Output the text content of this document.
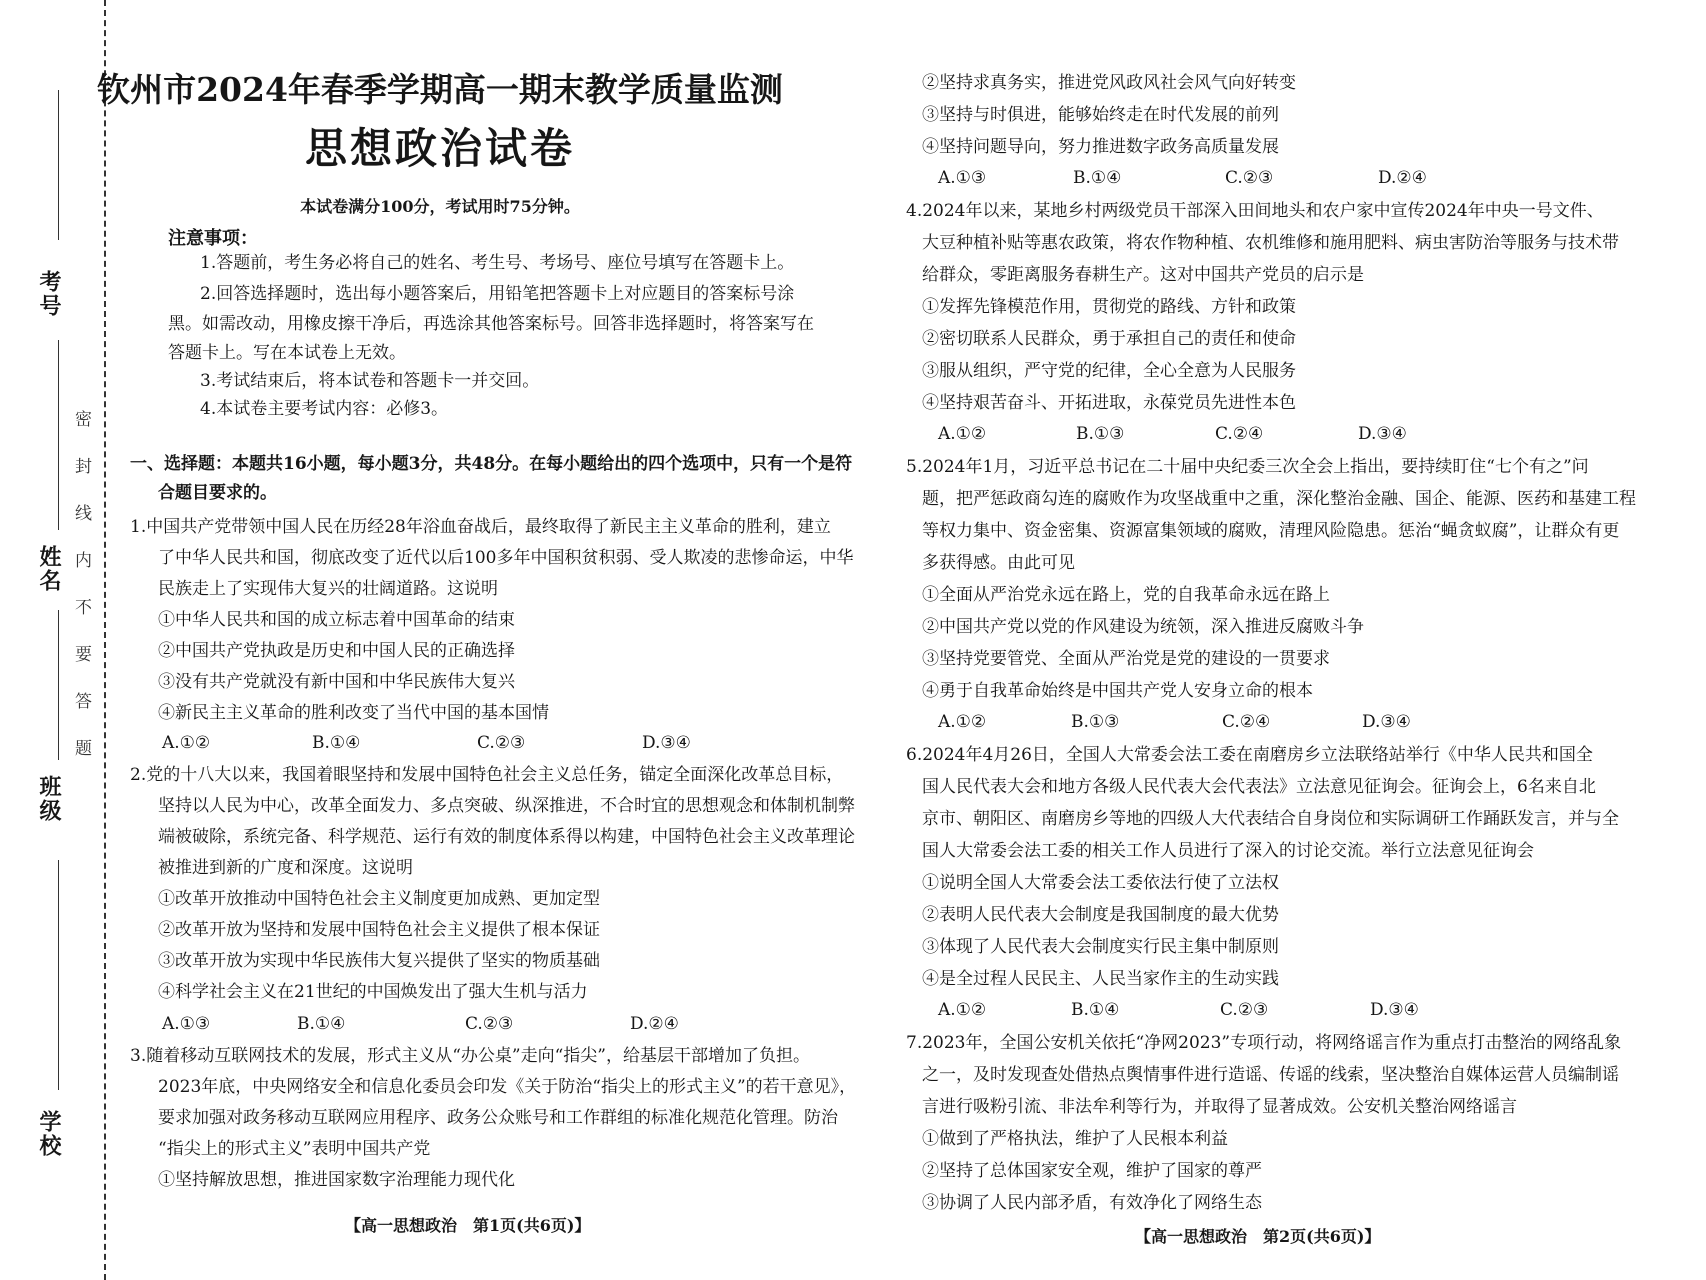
考号
姓名
班级
学校
密封线内不要答题
钦州市2024年春季学期高一期末教学质量监测
思想政治试卷
本试卷满分100分，考试用时75分钟。
注意事项：
1.答题前，考生务必将自己的姓名、考生号、考场号、座位号填写在答题卡上。
2.回答选择题时，选出每小题答案后，用铅笔把答题卡上对应题目的答案标号涂
黑。如需改动，用橡皮擦干净后，再选涂其他答案标号。回答非选择题时，将答案写在
答题卡上。写在本试卷上无效。
3.考试结束后，将本试卷和答题卡一并交回。
4.本试卷主要考试内容：必修3。
一、选择题：本题共16小题，每小题3分，共48分。在每小题给出的四个选项中，只有一个是符
合题目要求的。
1.中国共产党带领中国人民在历经28年浴血奋战后，最终取得了新民主主义革命的胜利，建立
了中华人民共和国，彻底改变了近代以后100多年中国积贫积弱、受人欺凌的悲惨命运，中华
民族走上了实现伟大复兴的壮阔道路。这说明
①中华人民共和国的成立标志着中国革命的结束
②中国共产党执政是历史和中国人民的正确选择
③没有共产党就没有新中国和中华民族伟大复兴
④新民主主义革命的胜利改变了当代中国的基本国情
A.①②	B.①④	C.②③	D.③④
2.党的十八大以来，我国着眼坚持和发展中国特色社会主义总任务，锚定全面深化改革总目标，
坚持以人民为中心，改革全面发力、多点突破、纵深推进，不合时宜的思想观念和体制机制弊
端被破除，系统完备、科学规范、运行有效的制度体系得以构建，中国特色社会主义改革理论
被推进到新的广度和深度。这说明
①改革开放推动中国特色社会主义制度更加成熟、更加定型
②改革开放为坚持和发展中国特色社会主义提供了根本保证
③改革开放为实现中华民族伟大复兴提供了坚实的物质基础
④科学社会主义在21世纪的中国焕发出了强大生机与活力
A.①③	B.①④	C.②③	D.②④
3.随着移动互联网技术的发展，形式主义从“办公桌”走向“指尖”，给基层干部增加了负担。
2023年底，中央网络安全和信息化委员会印发《关于防治“指尖上的形式主义”的若干意见》，
要求加强对政务移动互联网应用程序、政务公众账号和工作群组的标准化规范化管理。防治
“指尖上的形式主义”表明中国共产党
①坚持解放思想，推进国家数字治理能力现代化
【高一思想政治　第1页(共6页)】
②坚持求真务实，推进党风政风社会风气向好转变
③坚持与时俱进，能够始终走在时代发展的前列
④坚持问题导向，努力推进数字政务高质量发展
A.①③	B.①④	C.②③	D.②④
4.2024年以来，某地乡村两级党员干部深入田间地头和农户家中宣传2024年中央一号文件、
大豆种植补贴等惠农政策，将农作物种植、农机维修和施用肥料、病虫害防治等服务与技术带
给群众，零距离服务春耕生产。这对中国共产党员的启示是
①发挥先锋模范作用，贯彻党的路线、方针和政策
②密切联系人民群众，勇于承担自己的责任和使命
③服从组织，严守党的纪律，全心全意为人民服务
④坚持艰苦奋斗、开拓进取，永葆党员先进性本色
A.①②	B.①③	C.②④	D.③④
5.2024年1月，习近平总书记在二十届中央纪委三次全会上指出，要持续盯住“七个有之”问
题，把严惩政商勾连的腐败作为攻坚战重中之重，深化整治金融、国企、能源、医药和基建工程
等权力集中、资金密集、资源富集领域的腐败，清理风险隐患。惩治“蝇贪蚁腐”，让群众有更
多获得感。由此可见
①全面从严治党永远在路上，党的自我革命永远在路上
②中国共产党以党的作风建设为统领，深入推进反腐败斗争
③坚持党要管党、全面从严治党是党的建设的一贯要求
④勇于自我革命始终是中国共产党人安身立命的根本
A.①②	B.①③	C.②④	D.③④
6.2024年4月26日，全国人大常委会法工委在南磨房乡立法联络站举行《中华人民共和国全
国人民代表大会和地方各级人民代表大会代表法》立法意见征询会。征询会上，6名来自北
京市、朝阳区、南磨房乡等地的四级人大代表结合自身岗位和实际调研工作踊跃发言，并与全
国人大常委会法工委的相关工作人员进行了深入的讨论交流。举行立法意见征询会
①说明全国人大常委会法工委依法行使了立法权
②表明人民代表大会制度是我国制度的最大优势
③体现了人民代表大会制度实行民主集中制原则
④是全过程人民民主、人民当家作主的生动实践
A.①②	B.①④	C.②③	D.③④
7.2023年，全国公安机关依托“净网2023”专项行动，将网络谣言作为重点打击整治的网络乱象
之一，及时发现查处借热点舆情事件进行造谣、传谣的线索，坚决整治自媒体运营人员编制谣
言进行吸粉引流、非法牟利等行为，并取得了显著成效。公安机关整治网络谣言
①做到了严格执法，维护了人民根本利益
②坚持了总体国家安全观，维护了国家的尊严
③协调了人民内部矛盾，有效净化了网络生态
【高一思想政治　第2页(共6页)】
